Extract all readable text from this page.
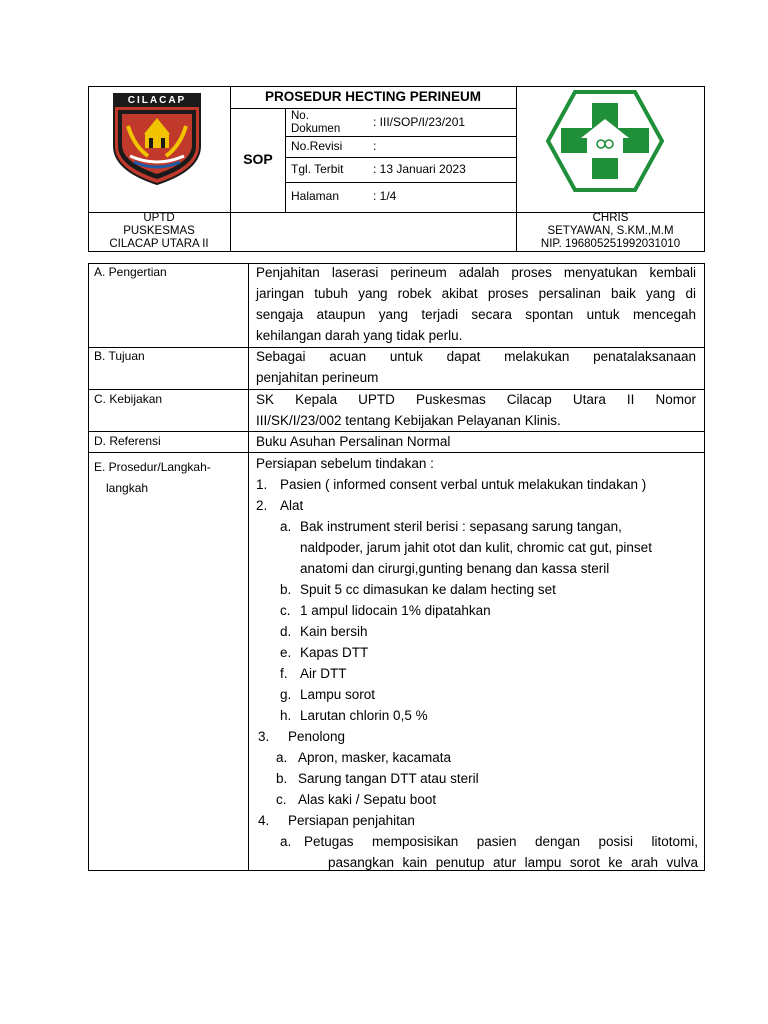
CILACAP	PROSEDUR HECTING PERINEUM
SOP
No.
Dokumen	: III/SOP/I/23/201
No.Revisi	:
Tgl. Terbit : 13 Januari 2023
Halaman	: 1/4
UPTD
PUSKESMAS
CILACAP UTARA II
CHRIS
SETYAWAN, S.KM.,M.M
NIP. 196805251992031010
A. Pengertian	Penjahitan laserasi perineum adalah proses menyatukan kembali
jaringan tubuh yang robek akibat proses persalinan baik yang di
sengaja ataupun yang terjadi secara spontan untuk mencegah
kehilangan darah yang tidak perlu.
B. Tujuan	Sebagai acuan untuk dapat melakukan penatalaksanaan
penjahitan perineum
C. Kebijakan	SK Kepala UPTD Puskesmas Cilacap Utara II Nomor
III/SK/I/23/002 tentang Kebijakan Pelayanan Klinis.
D. Referensi	Buku Asuhan Persalinan Normal
E. Prosedur/Langkah-
langkah
Persiapan sebelum tindakan :
1. Pasien ( informed consent verbal untuk melakukan tindakan )
2. Alat
a. Bak instrument steril berisi : sepasang sarung tangan,
naldpoder, jarum jahit otot dan kulit, chromic cat gut, pinset
anatomi dan cirurgi,gunting benang dan kassa steril
b. Spuit 5 cc dimasukan ke dalam hecting set
c. 1 ampul lidocain 1% dipatahkan
d. Kain bersih
e. Kapas DTT
f. Air DTT
g. Lampu sorot
h. Larutan chlorin 0,5 %
3. Penolong
a. Apron, masker, kacamata
b. Sarung tangan DTT atau steril
c. Alas kaki / Sepatu boot
4. Persiapan penjahitan
a. Petugas memposisikan pasien dengan posisi litotomi,
pasangkan kain penutup atur lampu sorot ke arah vulva
